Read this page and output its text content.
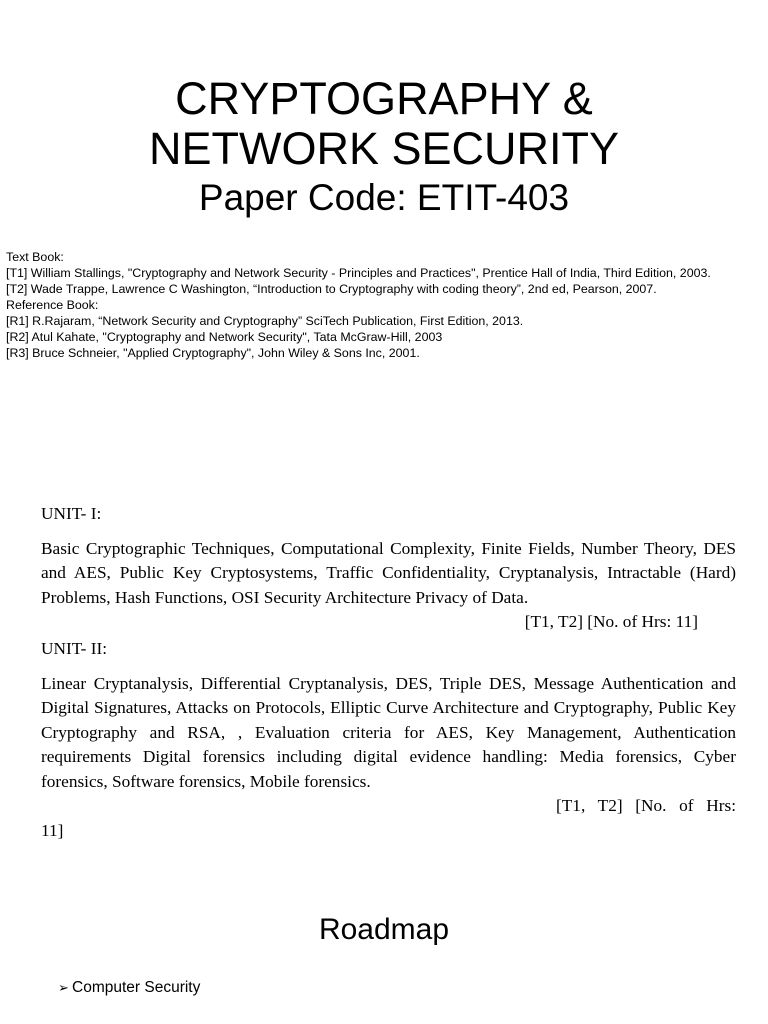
CRYPTOGRAPHY &
NETWORK SECURITY

Paper Code: ETIT-403

Text Book:
[T1] William Stallings, "Cryptography and Network Security - Principles and Practices", Prentice Hall of India, Third Edition, 2003.
[T2] Wade Trappe, Lawrence C Washington, “Introduction to Cryptography with coding theory”, 2nd ed, Pearson, 2007.
Reference Book:
[R1] R.Rajaram, “Network Security and Cryptography” SciTech Publication, First Edition, 2013.
[R2] Atul Kahate, "Cryptography and Network Security", Tata McGraw-Hill, 2003
[R3] Bruce Schneier, "Applied Cryptography", John Wiley & Sons Inc, 2001.

UNIT- I:

Basic Cryptographic Techniques, Computational Complexity, Finite Fields, Number Theory, DES and AES, Public Key Cryptosystems, Traffic Confidentiality, Cryptanalysis, Intractable (Hard) Problems, Hash Functions, OSI Security Architecture Privacy of Data.

[T1, T2] [No. of Hrs: 11]

UNIT- II:

Linear Cryptanalysis, Differential Cryptanalysis, DES, Triple DES, Message Authentication and Digital Signatures, Attacks on Protocols, Elliptic Curve Architecture and Cryptography, Public Key Cryptography and RSA, , Evaluation criteria for AES, Key Management, Authentication requirements Digital forensics including digital evidence handling: Media forensics, Cyber forensics, Software forensics, Mobile forensics.

[T1, T2] [No. of Hrs:

11]

Roadmap
➢ Computer Security
